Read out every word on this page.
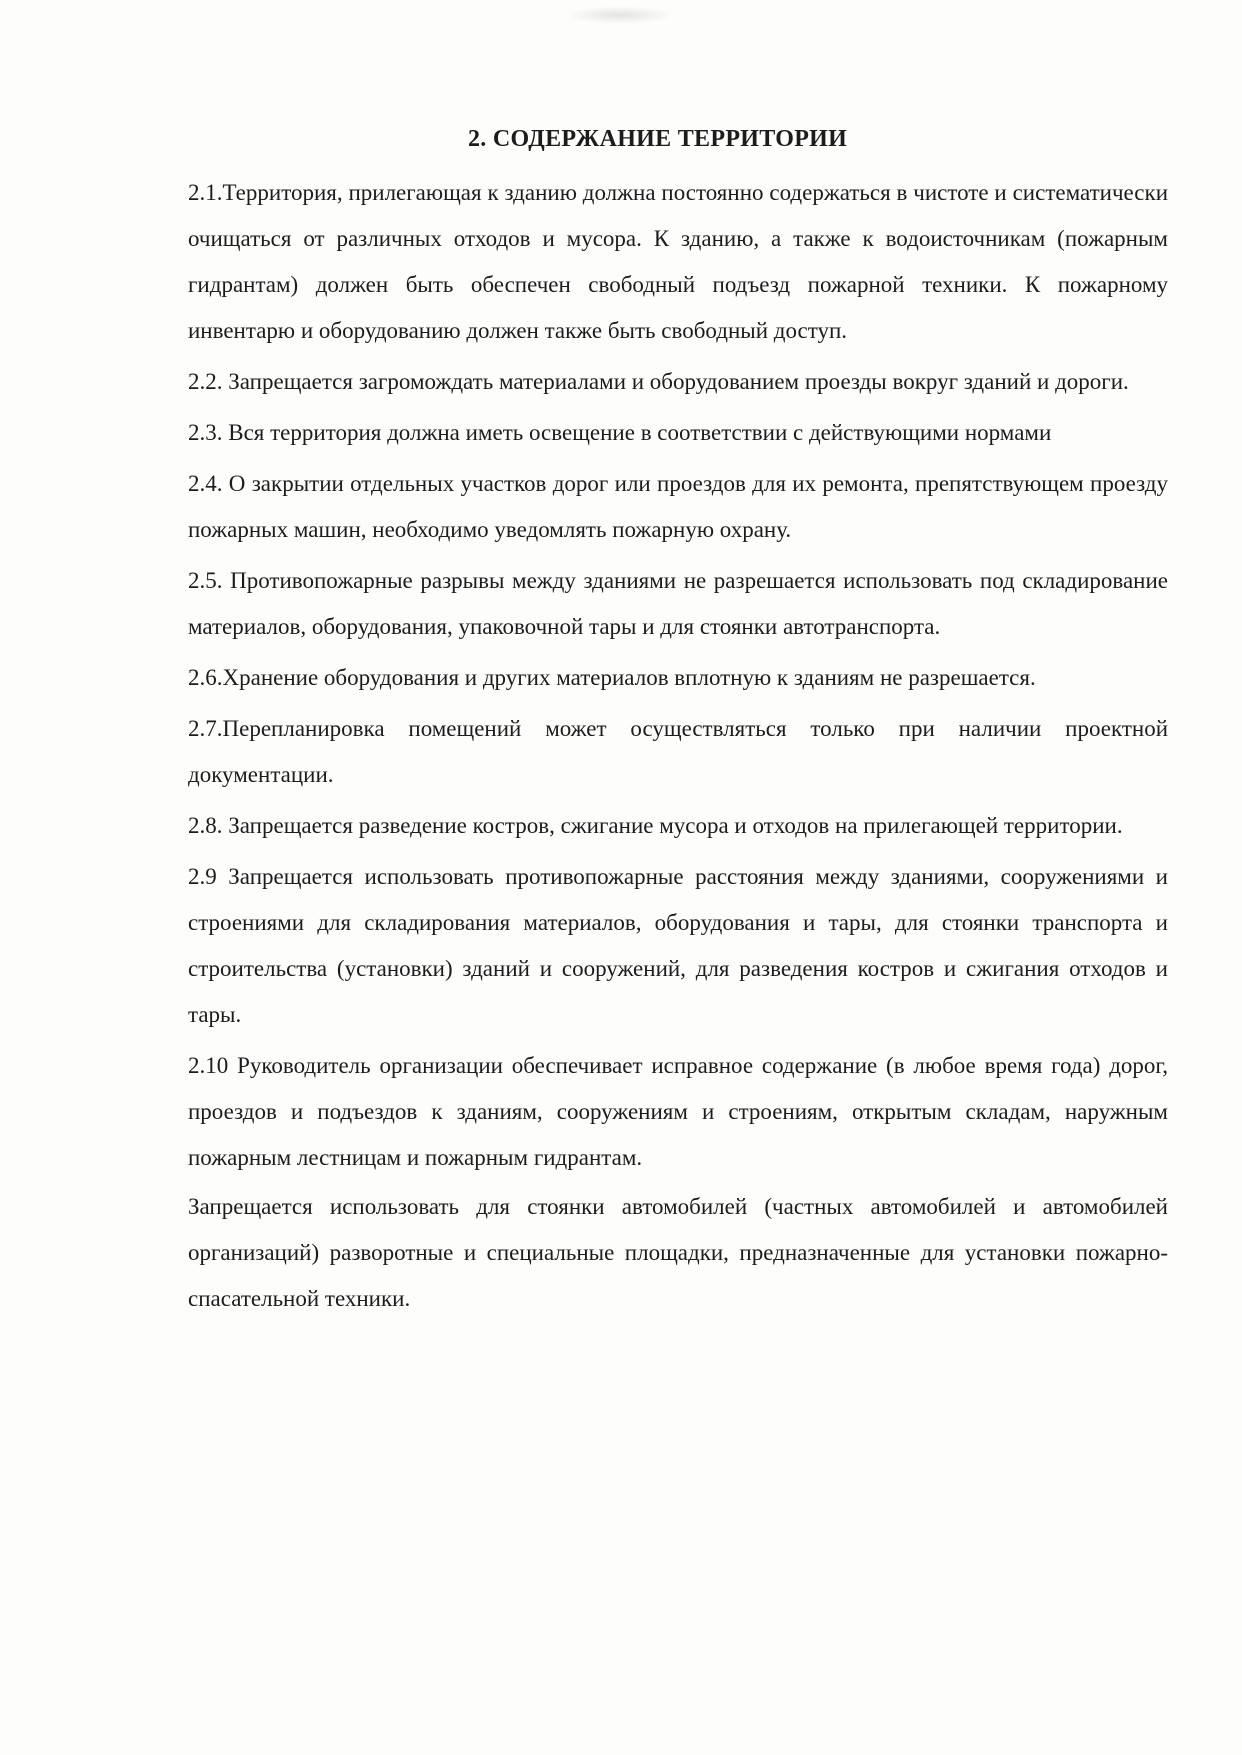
2. СОДЕРЖАНИЕ ТЕРРИТОРИИ

2.1.Территория, прилегающая к зданию должна постоянно содержаться в чистоте и систематически очищаться от различных отходов и мусора. К зданию, а также к водоисточникам (пожарным гидрантам) должен быть обеспечен свободный подъезд пожарной техники. К пожарному инвентарю и оборудованию должен также быть свободный доступ.

2.2. Запрещается загромождать материалами и оборудованием проезды вокруг зданий и дороги.

2.3. Вся территория должна иметь освещение в соответствии с действующими нормами

2.4. О закрытии отдельных участков дорог или проездов для их ремонта, препятствующем проезду пожарных машин, необходимо уведомлять пожарную охрану.

2.5. Противопожарные разрывы между зданиями не разрешается использовать под складирование материалов, оборудования, упаковочной тары и для стоянки автотранспорта.

2.6.Хранение оборудования и других материалов вплотную к зданиям не разрешается.

2.7.Перепланировка помещений может осуществляться только при наличии проектной документации.

2.8. Запрещается разведение костров, сжигание мусора и отходов на прилегающей территории.

2.9 Запрещается использовать противопожарные расстояния между зданиями, сооружениями и строениями для складирования материалов, оборудования и тары, для стоянки транспорта и строительства (установки) зданий и сооружений, для разведения костров и сжигания отходов и тары.

2.10 Руководитель организации обеспечивает исправное содержание (в любое время года) дорог, проездов и подъездов к зданиям, сооружениям и строениям, открытым складам, наружным пожарным лестницам и пожарным гидрантам.

Запрещается использовать для стоянки автомобилей (частных автомобилей и автомобилей организаций) разворотные и специальные площадки, предназначенные для установки пожарно-спасательной техники.
